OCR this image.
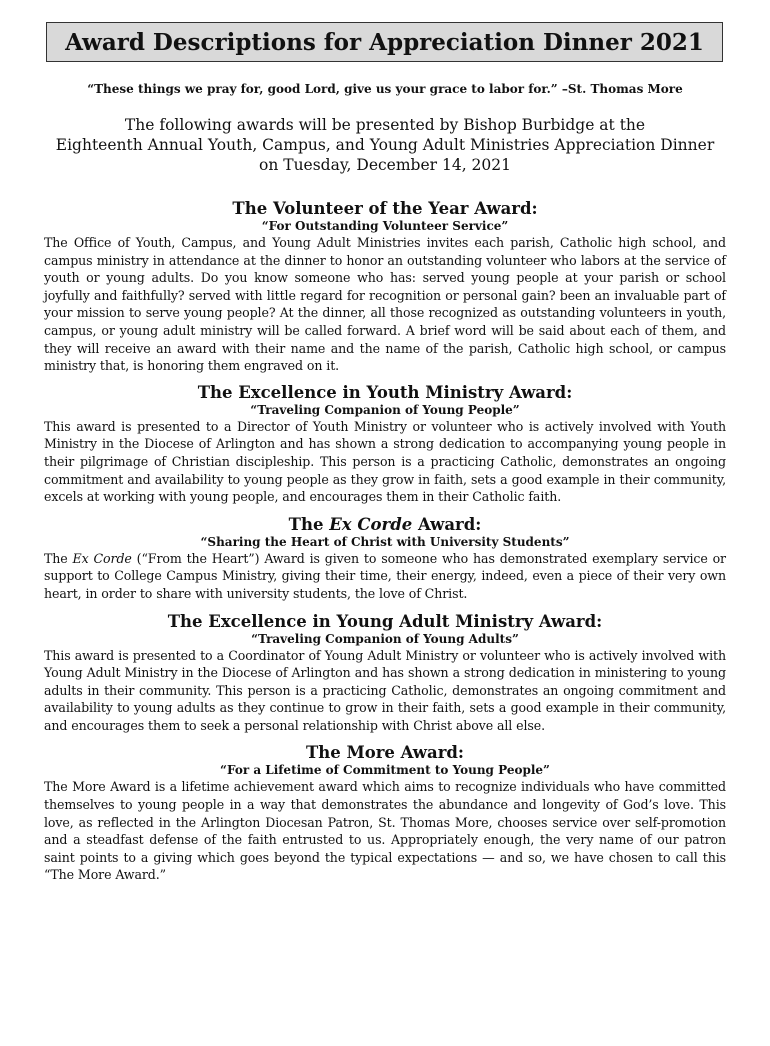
Award Descriptions for Appreciation Dinner 2021
“These things we pray for, good Lord, give us your grace to labor for.” –St. Thomas More
The following awards will be presented by Bishop Burbidge at the
Eighteenth Annual Youth, Campus, and Young Adult Ministries Appreciation Dinner
on Tuesday, December 14, 2021
The Volunteer of the Year Award:
“For Outstanding Volunteer Service”
The Office of Youth, Campus, and Young Adult Ministries invites each parish, Catholic high school, and campus ministry in attendance at the dinner to honor an outstanding volunteer who labors at the service of youth or young adults. Do you know someone who has: served young people at your parish or school joyfully and faithfully? served with little regard for recognition or personal gain? been an invaluable part of your mission to serve young people? At the dinner, all those recognized as outstanding volunteers in youth, campus, or young adult ministry will be called forward. A brief word will be said about each of them, and they will receive an award with their name and the name of the parish, Catholic high school, or campus ministry that, is honoring them engraved on it.
The Excellence in Youth Ministry Award:
“Traveling Companion of Young People”
This award is presented to a Director of Youth Ministry or volunteer who is actively involved with Youth Ministry in the Diocese of Arlington and has shown a strong dedication to accompanying young people in their pilgrimage of Christian discipleship. This person is a practicing Catholic, demonstrates an ongoing commitment and availability to young people as they grow in faith, sets a good example in their community, excels at working with young people, and encourages them in their Catholic faith.
The Ex Corde Award:
“Sharing the Heart of Christ with University Students”
The Ex Corde (“From the Heart”) Award is given to someone who has demonstrated exemplary service or support to College Campus Ministry, giving their time, their energy, indeed, even a piece of their very own heart, in order to share with university students, the love of Christ.
The Excellence in Young Adult Ministry Award:
“Traveling Companion of Young Adults”
This award is presented to a Coordinator of Young Adult Ministry or volunteer who is actively involved with Young Adult Ministry in the Diocese of Arlington and has shown a strong dedication in ministering to young adults in their community. This person is a practicing Catholic, demonstrates an ongoing commitment and availability to young adults as they continue to grow in their faith, sets a good example in their community, and encourages them to seek a personal relationship with Christ above all else.
The More Award:
“For a Lifetime of Commitment to Young People”
The More Award is a lifetime achievement award which aims to recognize individuals who have committed themselves to young people in a way that demonstrates the abundance and longevity of God’s love. This love, as reflected in the Arlington Diocesan Patron, St. Thomas More, chooses service over self-promotion and a steadfast defense of the faith entrusted to us. Appropriately enough, the very name of our patron saint points to a giving which goes beyond the typical expectations — and so, we have chosen to call this “The More Award.”
